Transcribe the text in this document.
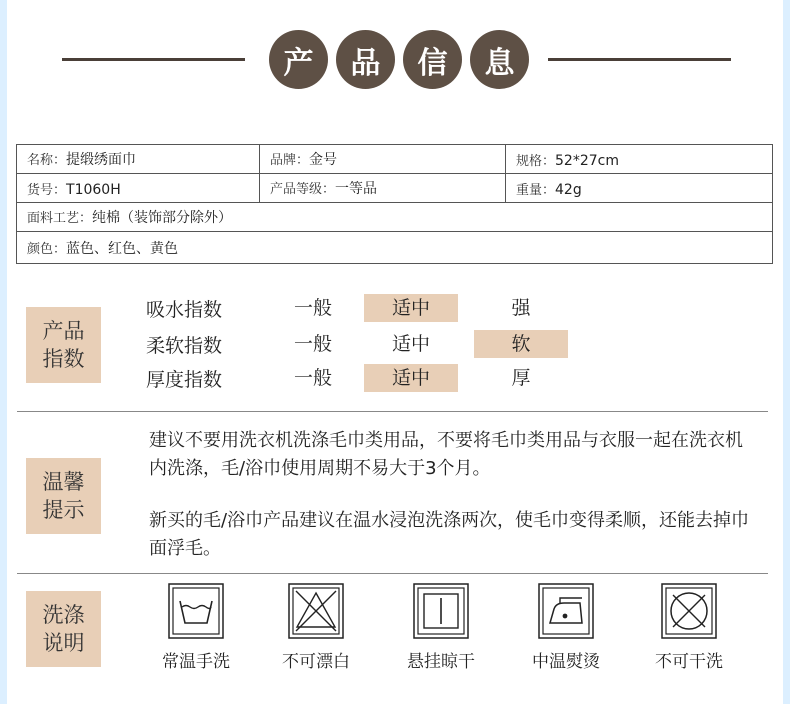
产	品	信	息
名称：提缎绣面巾	品牌：金号	规格：52*27cm
货号：T1060H	产品等级：一等品	重量：42g
面料工艺：纯棉（装饰部分除外）		
颜色：蓝色、红色、黄色		
产品
指数
吸水指数	一般	适中	强
柔软指数	一般	适中	软
厚度指数	一般	适中	厚
温馨
提示
建议不要用洗衣机洗涤毛巾类用品，不要将毛巾类用品与衣服一起在洗衣机内洗涤，毛/浴巾使用周期不易大于3个月。
新买的毛/浴巾产品建议在温水浸泡洗涤两次，使毛巾变得柔顺，还能去掉巾面浮毛。
洗涤
说明
常温手洗	不可漂白	悬挂晾干	中温熨烫	不可干洗
